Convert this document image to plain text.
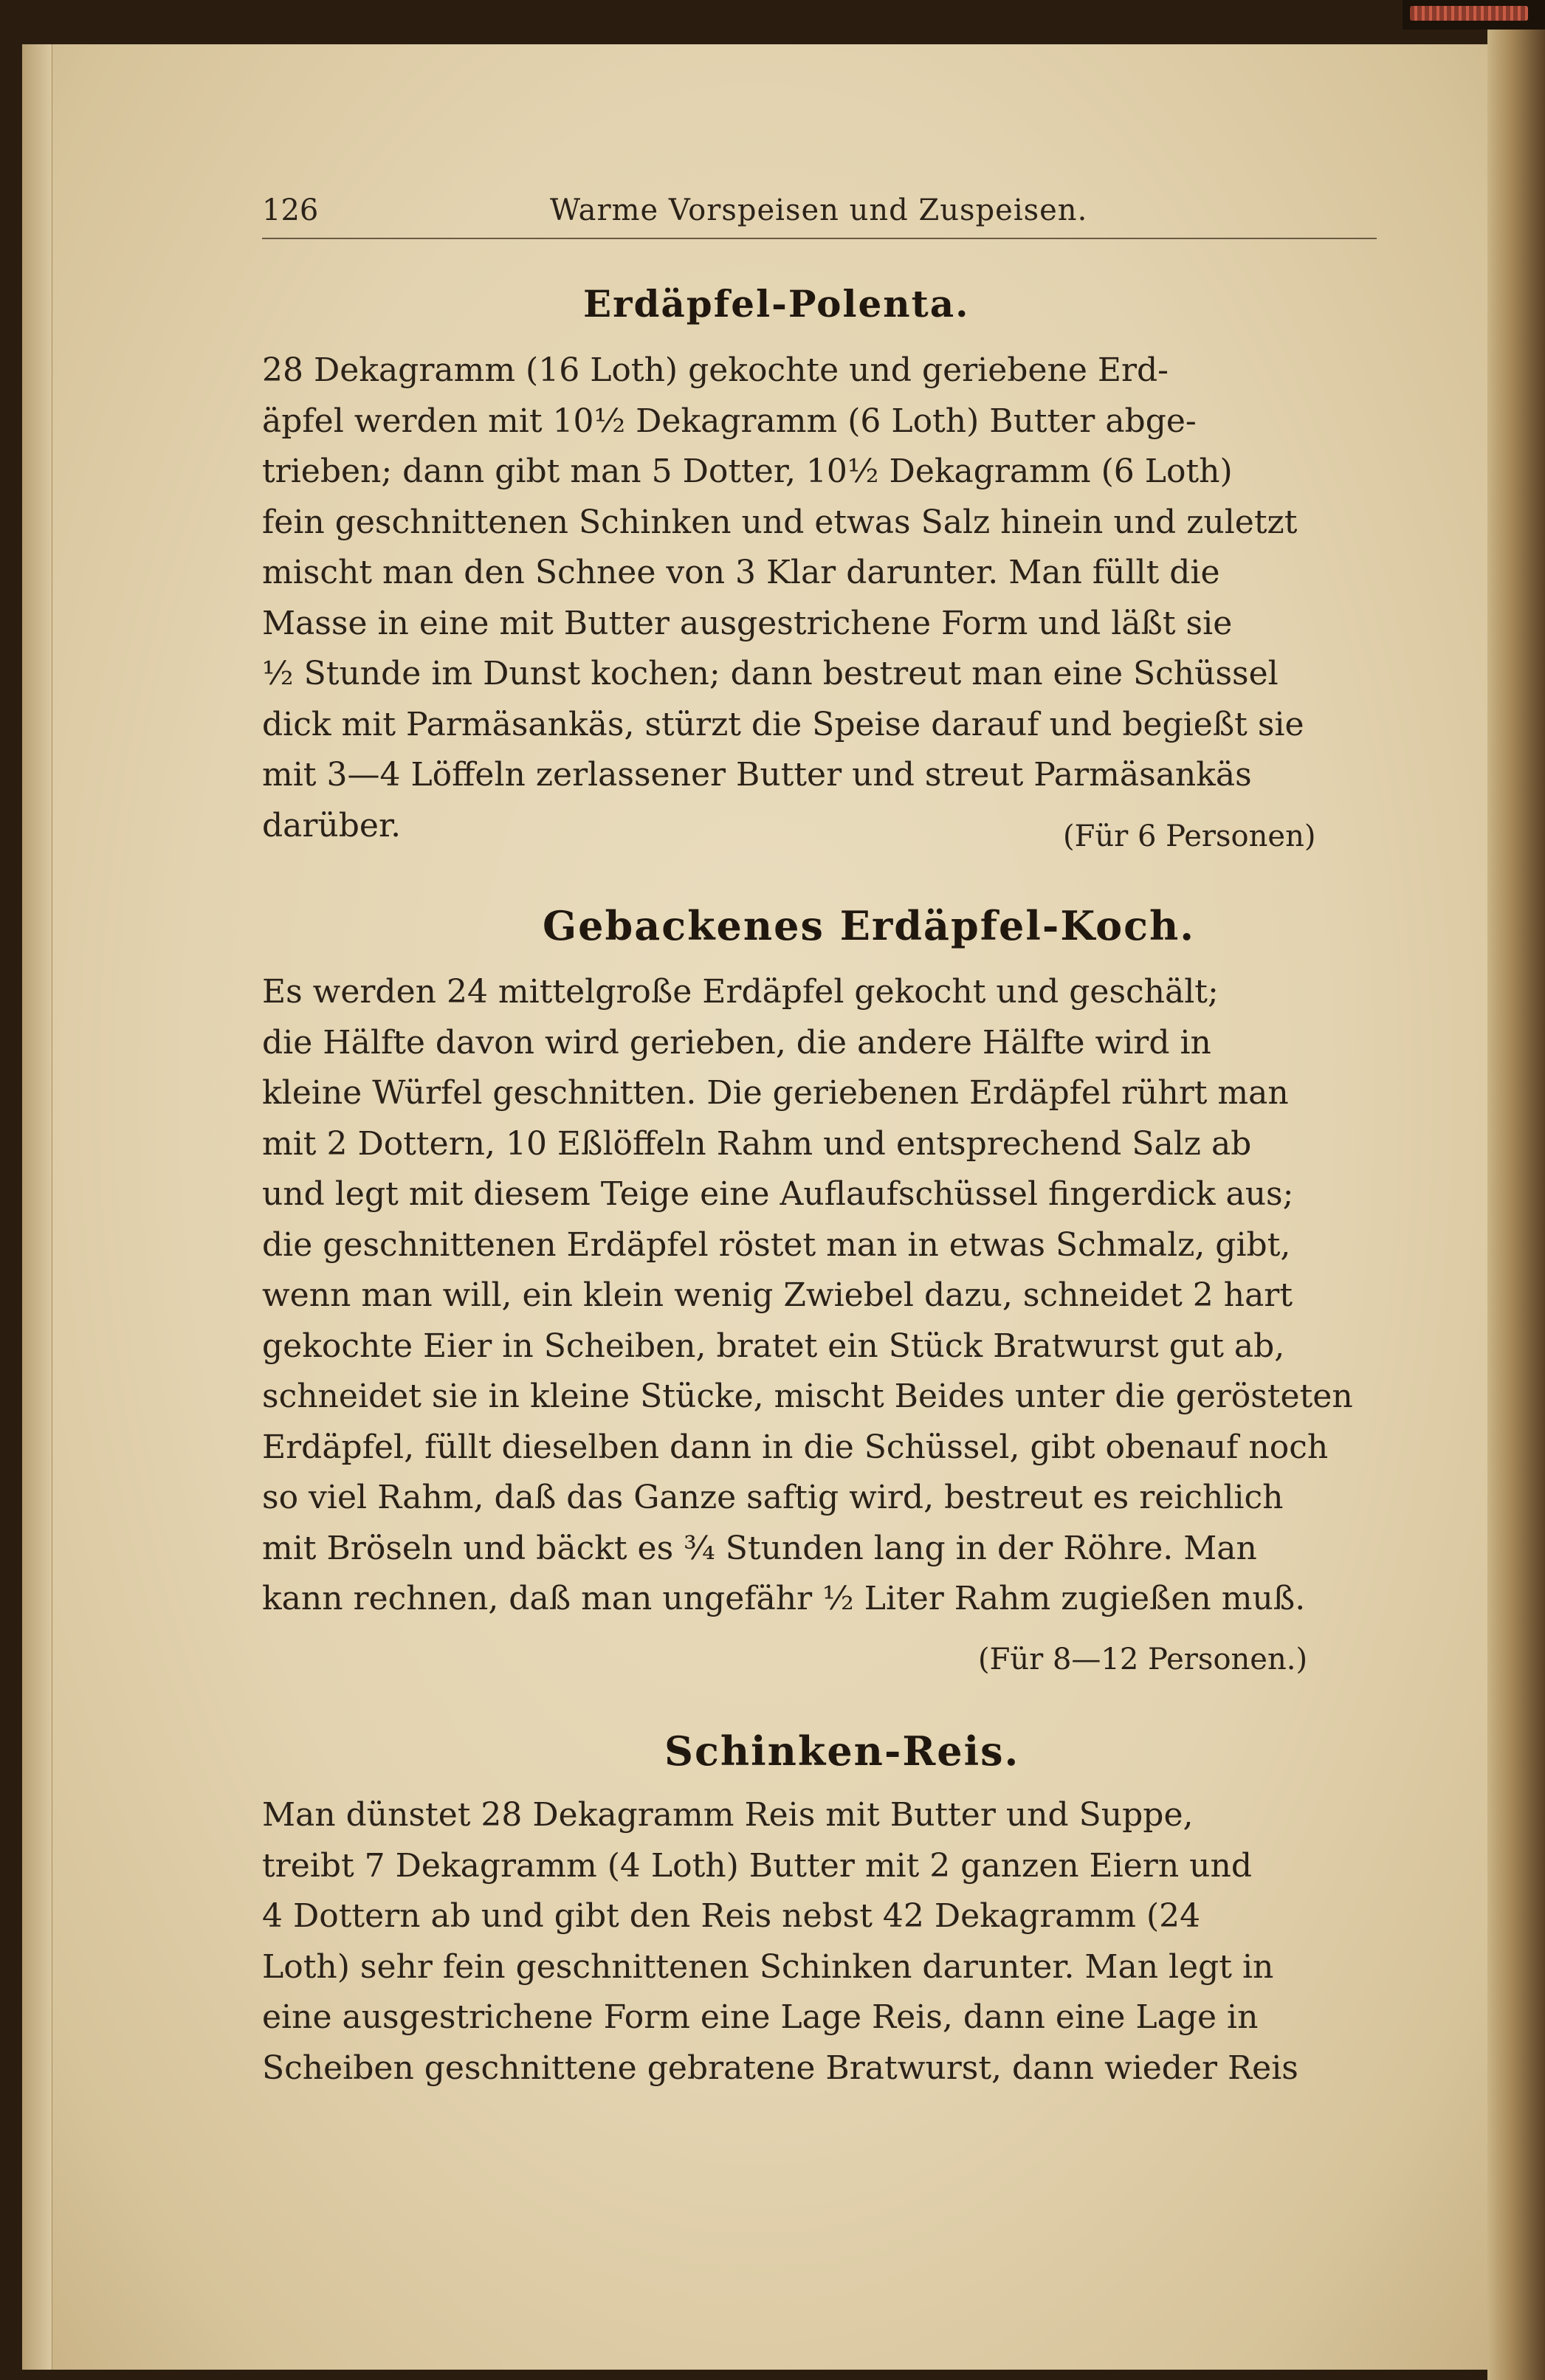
126	Warme Vorspeisen und Zuspeisen.
Erdäpfel-Polenta.
28 Dekagramm (16 Loth) gekochte und geriebene Erd-
äpfel werden mit 10½ Dekagramm (6 Loth) Butter abge-
trieben; dann gibt man 5 Dotter, 10½ Dekagramm (6 Loth)
fein geschnittenen Schinken und etwas Salz hinein und zuletzt
mischt man den Schnee von 3 Klar darunter. Man füllt die
Masse in eine mit Butter ausgestrichene Form und läßt sie
½ Stunde im Dunst kochen; dann bestreut man eine Schüssel
dick mit Parmäsankäs, stürzt die Speise darauf und begießt sie
mit 3—4 Löffeln zerlassener Butter und streut Parmäsankäs
darüber.	(Für 6 Personen)
Gebackenes Erdäpfel-Koch.
Es werden 24 mittelgroße Erdäpfel gekocht und geschält;
die Hälfte davon wird gerieben, die andere Hälfte wird in
kleine Würfel geschnitten. Die geriebenen Erdäpfel rührt man
mit 2 Dottern, 10 Eßlöffeln Rahm und entsprechend Salz ab
und legt mit diesem Teige eine Auflaufschüssel fingerdick aus;
die geschnittenen Erdäpfel röstet man in etwas Schmalz, gibt,
wenn man will, ein klein wenig Zwiebel dazu, schneidet 2 hart
gekochte Eier in Scheiben, bratet ein Stück Bratwurst gut ab,
schneidet sie in kleine Stücke, mischt Beides unter die gerösteten
Erdäpfel, füllt dieselben dann in die Schüssel, gibt obenauf noch
so viel Rahm, daß das Ganze saftig wird, bestreut es reichlich
mit Bröseln und bäckt es ¾ Stunden lang in der Röhre. Man
kann rechnen, daß man ungefähr ½ Liter Rahm zugießen muß.
(Für 8—12 Personen.)
Schinken-Reis.
Man dünstet 28 Dekagramm Reis mit Butter und Suppe,
treibt 7 Dekagramm (4 Loth) Butter mit 2 ganzen Eiern und
4 Dottern ab und gibt den Reis nebst 42 Dekagramm (24
Loth) sehr fein geschnittenen Schinken darunter. Man legt in
eine ausgestrichene Form eine Lage Reis, dann eine Lage in
Scheiben geschnittene gebratene Bratwurst, dann wieder Reis
